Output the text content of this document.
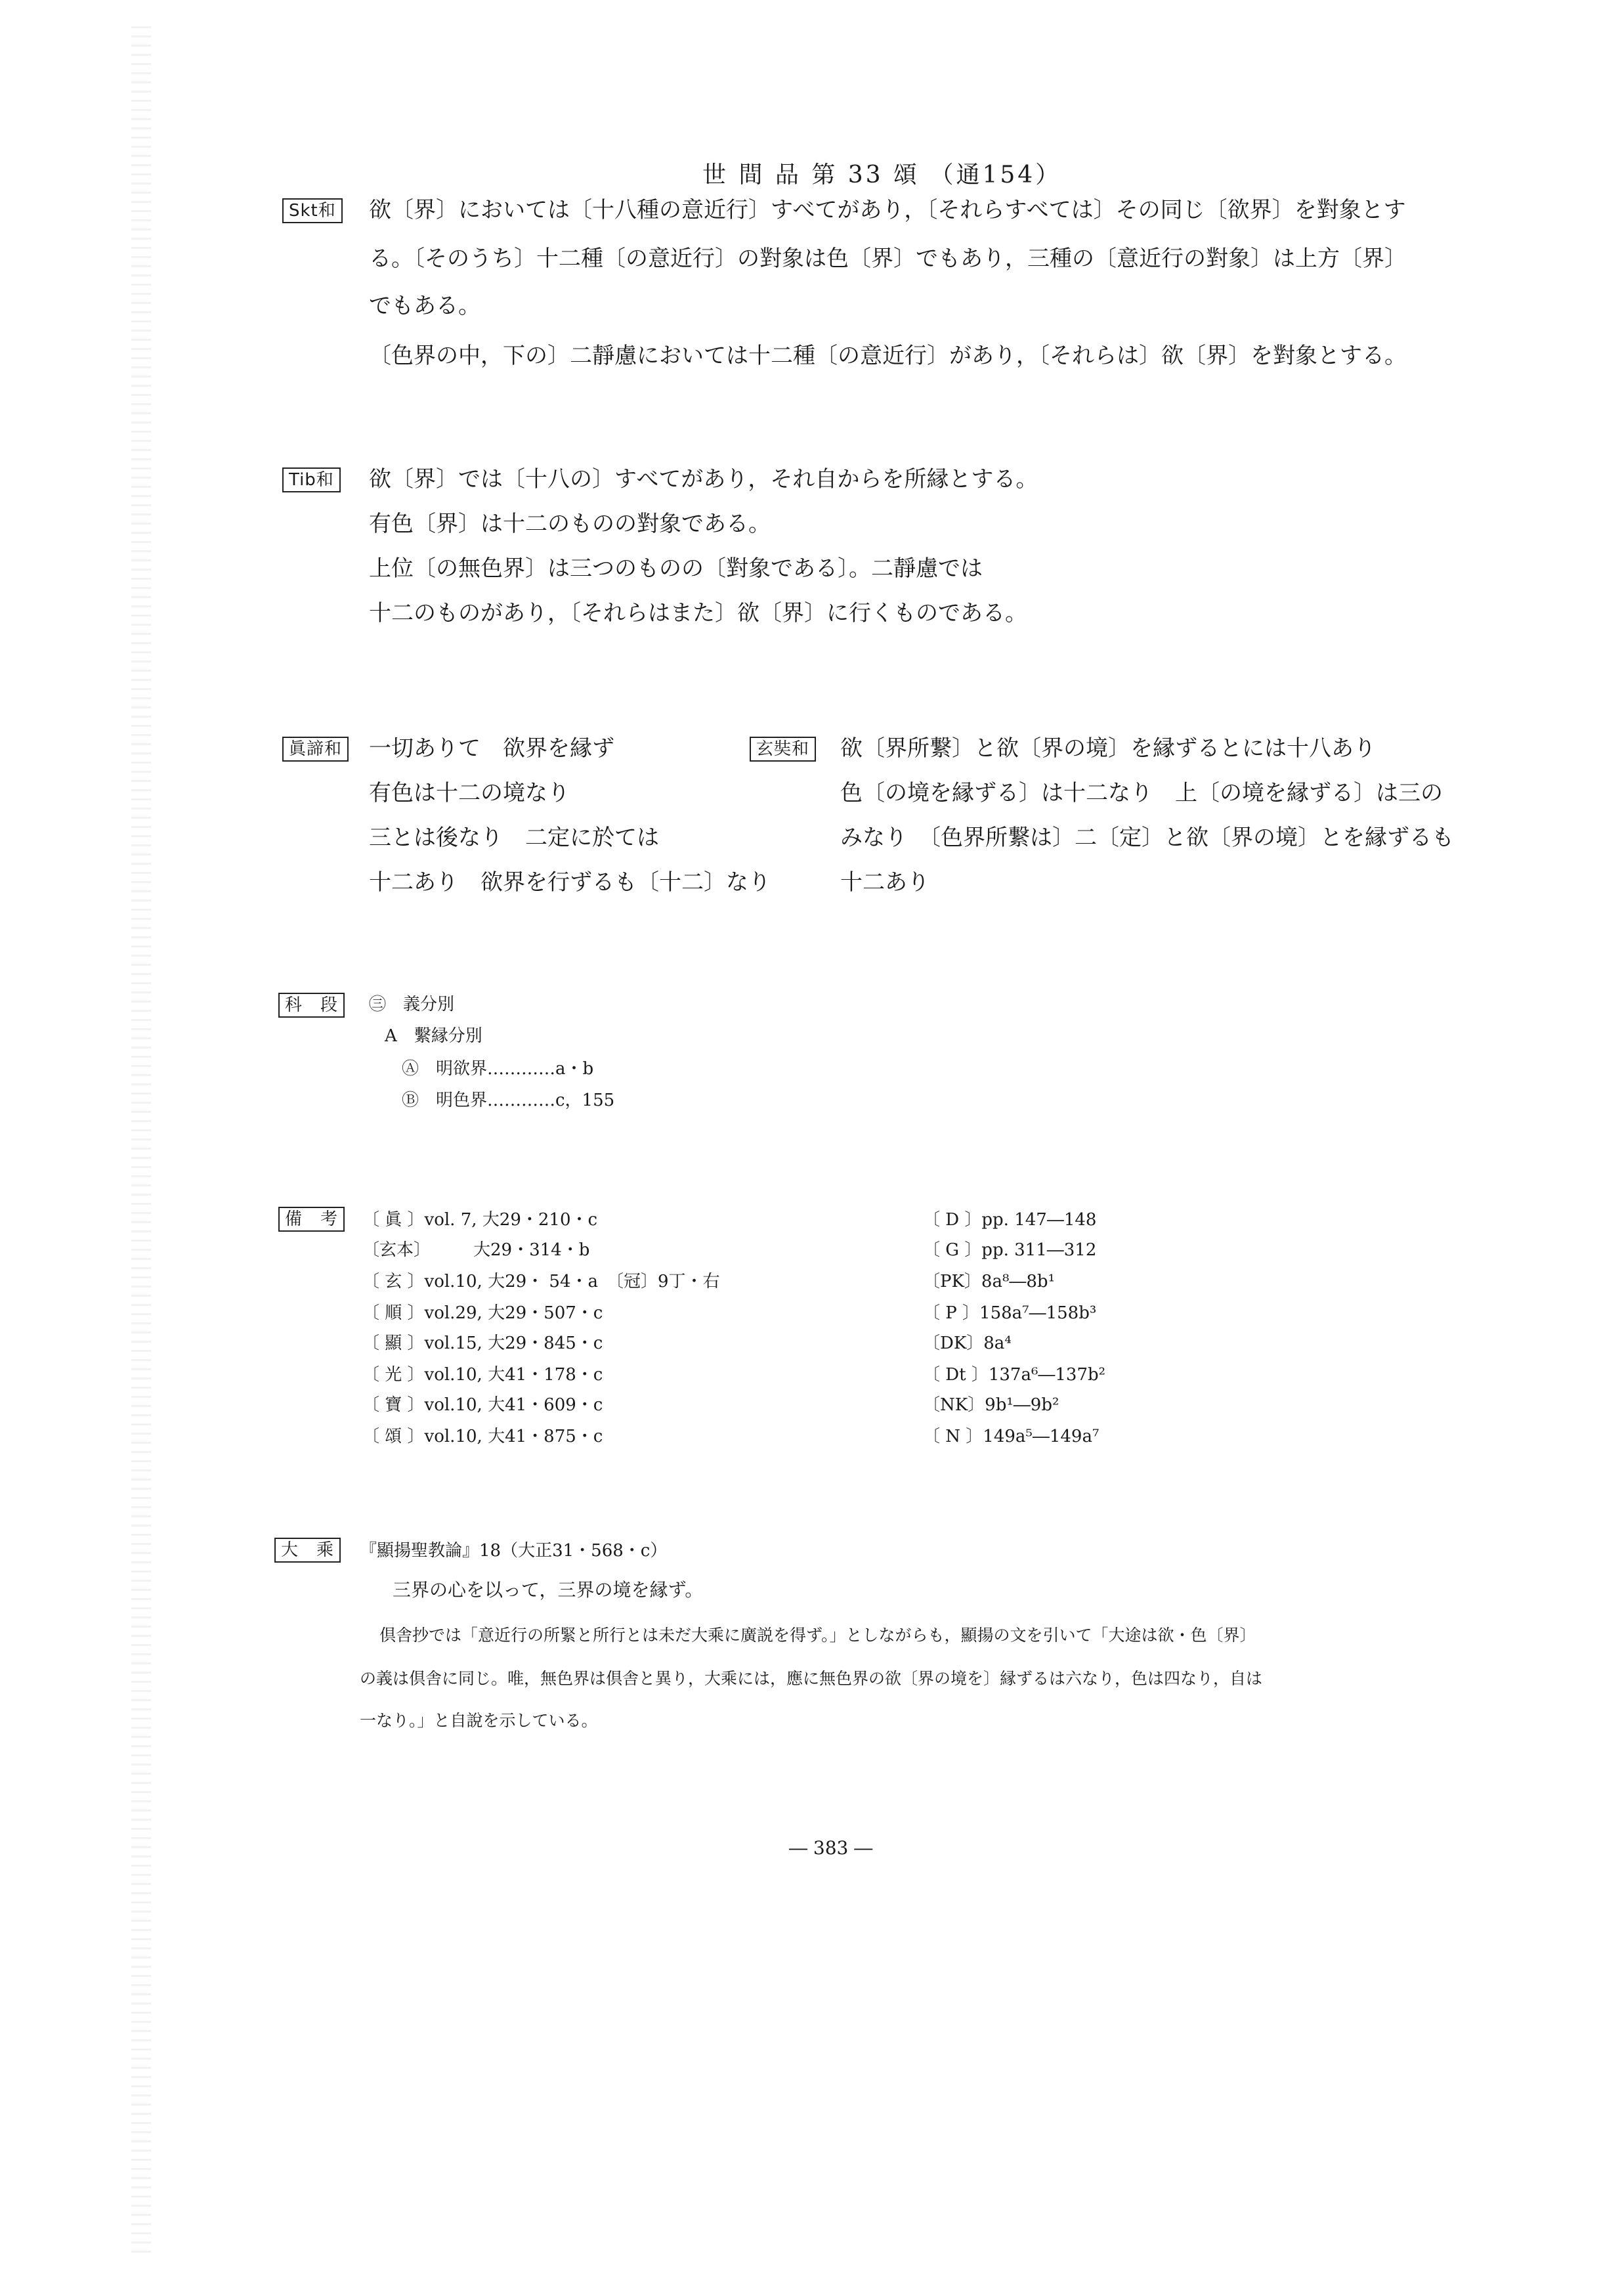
世 間 品 第 33 頌 （通154）
Skt和 欲〔界〕においては〔十八種の意近行〕すべてがあり，〔それらすべては〕その同じ〔欲界〕を對象とす
る。〔そのうち〕十二種〔の意近行〕の對象は色〔界〕でもあり，三種の〔意近行の對象〕は上方〔界〕
でもある。
〔色界の中，下の〕二靜慮においては十二種〔の意近行〕があり，〔それらは〕欲〔界〕を對象とする。
Tib和 欲〔界〕では〔十八の〕すべてがあり，それ自からを所縁とする。
有色〔界〕は十二のものの對象である。
上位〔の無色界〕は三つのものの〔對象である〕。二靜慮では
十二のものがあり，〔それらはまた〕欲〔界〕に行くものである。
眞諦和 一切ありて　欲界を縁ず
有色は十二の境なり
三とは後なり　二定に於ては
十二あり　欲界を行ずるも〔十二〕なり
玄奘和 欲〔界所繋〕と欲〔界の境〕を縁ずるとには十八あり
色〔の境を縁ずる〕は十二なり　上〔の境を縁ずる〕は三の
みなり　〔色界所繋は〕二〔定〕と欲〔界の境〕とを縁ずるも
十二あり
科　段	㊂　義分別
A　繫縁分別
Ⓐ　明欲界…………a・b
Ⓑ　明色界…………c，155
備　考	〔 眞 〕vol. 7, 大29・210・c
〔玄本〕　　　大29・314・b
〔 玄 〕vol.10, 大29・ 54・a　〔冠〕9丁・右
〔 順 〕vol.29, 大29・507・c
〔 顯 〕vol.15, 大29・845・c
〔 光 〕vol.10, 大41・178・c
〔 寶 〕vol.10, 大41・609・c
〔 頌 〕vol.10, 大41・875・c
〔 D 〕pp. 147―148
〔 G 〕pp. 311―312
〔PK〕8a⁸―8b¹
〔 P 〕158a⁷―158b³
〔DK〕8a⁴
〔 Dt 〕137a⁶―137b²
〔NK〕9b¹―9b²
〔 N 〕149a⁵―149a⁷
大　乘	『顯揚聖教論』18（大正31・568・c）
三界の心を以って，三界の境を縁ず。
倶舎抄では「意近行の所緊と所行とは未だ大乘に廣説を得ず。」としながらも，顯揚の文を引いて「大途は欲・色〔界〕
の義は倶舎に同じ。唯，無色界は倶舎と異り，大乘には，應に無色界の欲〔界の境を〕縁ずるは六なり，色は四なり，自は
一なり。」と自說を示している。
― 383 ―
